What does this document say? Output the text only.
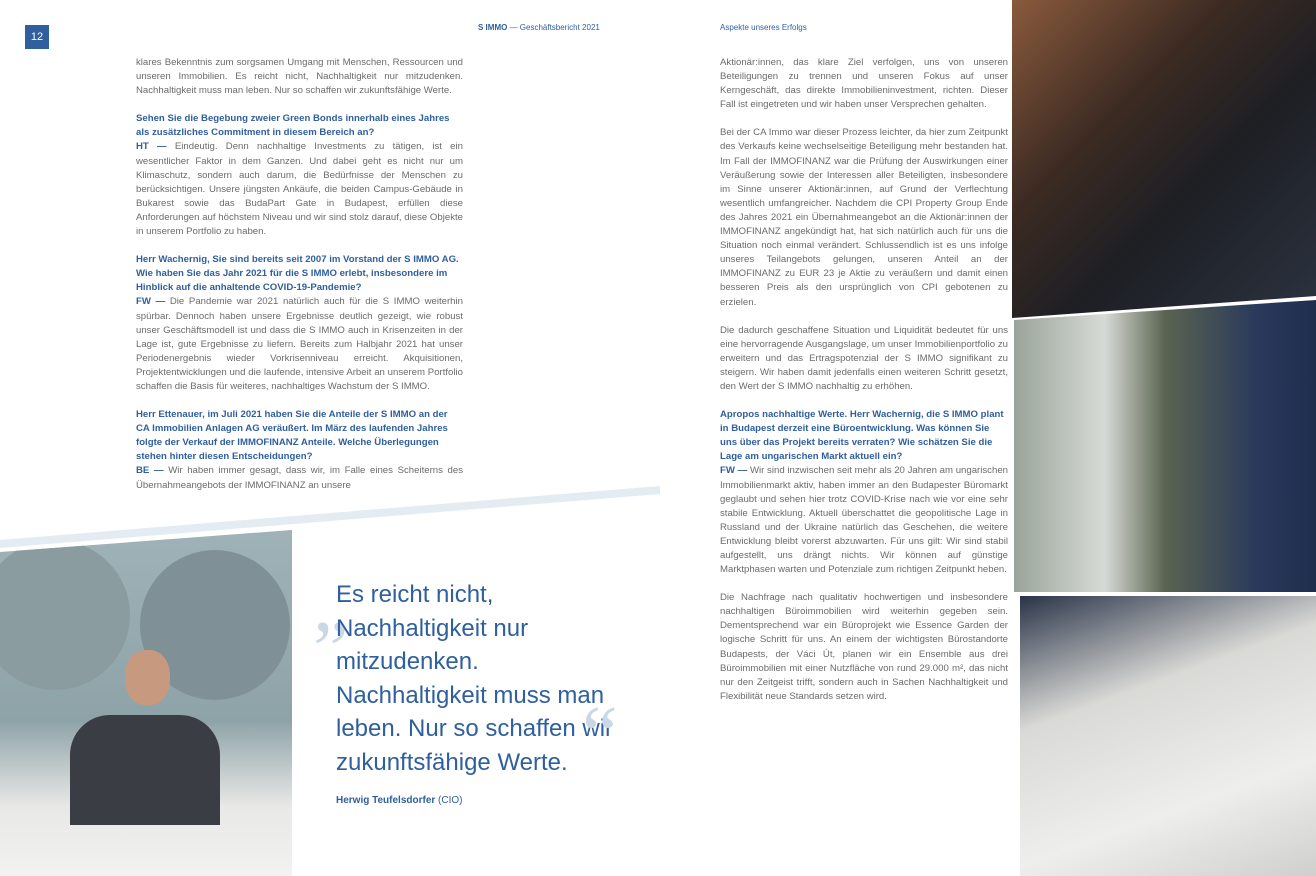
12
S IMMO — Geschäftsbericht 2021	Aspekte unseres Erfolgs

klares Bekenntnis zum sorgsamen Umgang mit Menschen, Ressourcen und unseren Immobilien. Es reicht nicht, Nachhaltigkeit nur mitzudenken. Nachhaltigkeit muss man leben. Nur so schaffen wir zukunftsfähige Werte.

Sehen Sie die Begebung zweier Green Bonds innerhalb eines Jahres als zusätzliches Commitment in diesem Bereich an?
HT — Eindeutig. Denn nachhaltige Investments zu tätigen, ist ein wesentlicher Faktor in dem Ganzen. Und dabei geht es nicht nur um Klimaschutz, sondern auch darum, die Bedürfnisse der Menschen zu berücksichtigen. Unsere jüngsten Ankäufe, die beiden Campus-Gebäude in Bukarest sowie das BudaPart Gate in Budapest, erfüllen diese Anforderungen auf höchstem Niveau und wir sind stolz darauf, diese Objekte in unserem Portfolio zu haben.

Herr Wachernig, Sie sind bereits seit 2007 im Vorstand der S IMMO AG. Wie haben Sie das Jahr 2021 für die S IMMO erlebt, insbesondere im Hinblick auf die anhaltende COVID-19-Pandemie?
FW — Die Pandemie war 2021 natürlich auch für die S IMMO weiterhin spürbar. Dennoch haben unsere Ergebnisse deutlich gezeigt, wie robust unser Geschäftsmodell ist und dass die S IMMO auch in Krisenzeiten in der Lage ist, gute Ergebnisse zu liefern. Bereits zum Halbjahr 2021 hat unser Periodenergebnis wieder Vorkrisenniveau erreicht. Akquisitionen, Projektentwicklungen und die laufende, intensive Arbeit an unserem Portfolio schaffen die Basis für weiteres, nachhaltiges Wachstum der S IMMO.

Herr Ettenauer, im Juli 2021 haben Sie die Anteile der S IMMO an der CA Immobilien Anlagen AG veräußert. Im März des laufenden Jahres folgte der Verkauf der IMMOFINANZ Anteile. Welche Überlegungen stehen hinter diesen Entscheidungen?
BE — Wir haben immer gesagt, dass wir, im Falle eines Scheiterns des Übernahmeangebots der IMMOFINANZ an unsere

Aktionär:innen, das klare Ziel verfolgen, uns von unseren Beteiligungen zu trennen und unseren Fokus auf unser Kerngeschäft, das direkte Immobilieninvestment, richten. Dieser Fall ist eingetreten und wir haben unser Versprechen gehalten.

Bei der CA Immo war dieser Prozess leichter, da hier zum Zeitpunkt des Verkaufs keine wechselseitige Beteiligung mehr bestanden hat. Im Fall der IMMOFINANZ war die Prüfung der Auswirkungen einer Veräußerung sowie der Interessen aller Beteiligten, insbesondere im Sinne unserer Aktionär:innen, auf Grund der Verflechtung wesentlich umfangreicher. Nachdem die CPI Property Group Ende des Jahres 2021 ein Übernahmeangebot an die Aktionär:innen der IMMOFINANZ angekündigt hat, hat sich natürlich auch für uns die Situation noch einmal verändert. Schlussendlich ist es uns infolge unseres Teilangebots gelungen, unseren Anteil an der IMMOFINANZ zu EUR 23 je Aktie zu veräußern und damit einen besseren Preis als den ursprünglich von CPI gebotenen zu erzielen.

Die dadurch geschaffene Situation und Liquidität bedeutet für uns eine hervorragende Ausgangslage, um unser Immobilienportfolio zu erweitern und das Ertragspotenzial der S IMMO signifikant zu steigern. Wir haben damit jedenfalls einen weiteren Schritt gesetzt, den Wert der S IMMO nachhaltig zu erhöhen.

Apropos nachhaltige Werte. Herr Wachernig, die S IMMO plant in Budapest derzeit eine Büroentwicklung. Was können Sie uns über das Projekt bereits verraten? Wie schätzen Sie die Lage am ungarischen Markt aktuell ein?
FW — Wir sind inzwischen seit mehr als 20 Jahren am ungarischen Immobilienmarkt aktiv, haben immer an den Budapester Büromarkt geglaubt und sehen hier trotz COVID-Krise nach wie vor eine sehr stabile Entwicklung. Aktuell überschattet die geopolitische Lage in Russland und der Ukraine natürlich das Geschehen, die weitere Entwicklung bleibt vorerst abzuwarten. Für uns gilt: Wir sind stabil aufgestellt, uns drängt nichts. Wir können auf günstige Marktphasen warten und Potenziale zum richtigen Zeitpunkt heben.

Die Nachfrage nach qualitativ hochwertigen und insbesondere nachhaltigen Büroimmobilien wird weiterhin gegeben sein. Dementsprechend war ein Büroprojekt wie Essence Garden der logische Schritt für uns. An einem der wichtigsten Bürostandorte Budapests, der Váci Út, planen wir ein Ensemble aus drei Büroimmobilien mit einer Nutzfläche von rund 29.000 m², das nicht nur den Zeitgeist trifft, sondern auch in Sachen Nachhaltigkeit und Flexibilität neue Standards setzen wird.

„
Es reicht nicht, Nachhaltigkeit nur mitzudenken. Nachhaltigkeit muss man leben. Nur so schaffen wir zukunftsfähige Werte. “
Herwig Teufelsdorfer (CIO)
